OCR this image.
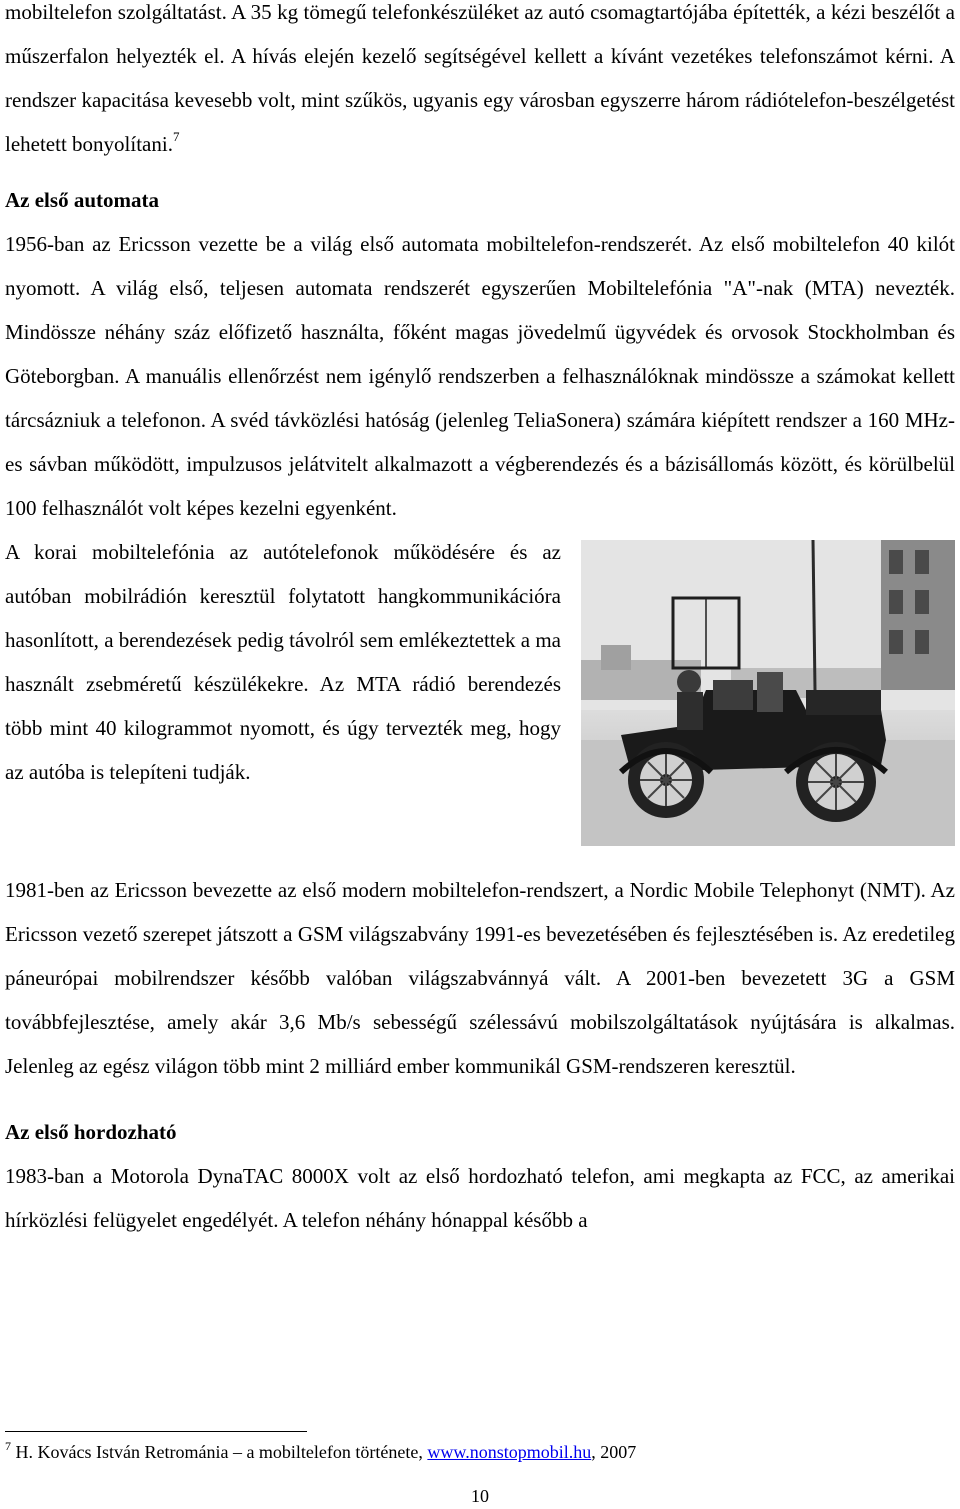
mobiltelefon szolgáltatást. A 35 kg tömegű telefonkészüléket az autó csomagtartójába építették, a kézi beszélőt a műszerfalon helyezték el. A hívás elején kezelő segítségével kellett a kívánt vezetékes telefonszámot kérni. A rendszer kapacitása kevesebb volt, mint szűkös, ugyanis egy városban egyszerre három rádiótelefon-beszélgetést lehetett bonyolítani.$^7$

Az első automata

1956-ban az Ericsson vezette be a világ első automata mobiltelefon-rendszerét. Az első mobiltelefon 40 kilót nyomott. A világ első, teljesen automata rendszerét egyszerűen Mobiltelefónia "A"-nak (MTA) nevezték. Mindössze néhány száz előfizető használta, főként magas jövedelmű ügyvédek és orvosok Stockholmban és Göteborgban. A manuális ellenőrzést nem igénylő rendszerben a felhasználóknak mindössze a számokat kellett tárcsázniuk a telefonon. A svéd távközlési hatóság (jelenleg TeliaSonera) számára kiépített rendszer a 160 MHz-es sávban működött, impulzusos jelátvitelt alkalmazott a végberendezés és a bázisállomás között, és körülbelül 100 felhasználót volt képes kezelni egyenként.

A korai mobiltelefónia az autótelefonok működésére és az autóban mobilrádión keresztül folytatott hangkommunikációra hasonlított, a berendezések pedig távolról sem emlékeztettek a ma használt zsebméretű készülékekre. Az MTA rádió berendezés több mint 40 kilogrammot nyomott, és úgy tervezték meg, hogy az autóba is telepíteni tudják.

1981-ben az Ericsson bevezette az első modern mobiltelefon-rendszert, a Nordic Mobile Telephonyt (NMT). Az Ericsson vezető szerepet játszott a GSM világszabvány 1991-es bevezetésében és fejlesztésében is. Az eredetileg páneurópai mobilrendszer később valóban világszabvánnyá vált. A 2001-ben bevezetett 3G a GSM továbbfejlesztése, amely akár 3,6 Mb/s sebességű szélessávú mobilszolgáltatások nyújtására is alkalmas. Jelenleg az egész világon több mint 2 milliárd ember kommunikál GSM-rendszeren keresztül.

Az első hordozható

1983-ban a Motorola DynaTAC 8000X volt az első hordozható telefon, ami megkapta az FCC, az amerikai hírközlési felügyelet engedélyét. A telefon néhány hónappal később a

$^7$ H. Kovács István Retrománia – a mobiltelefon története, www.nonstopmobil.hu, 2007
10
